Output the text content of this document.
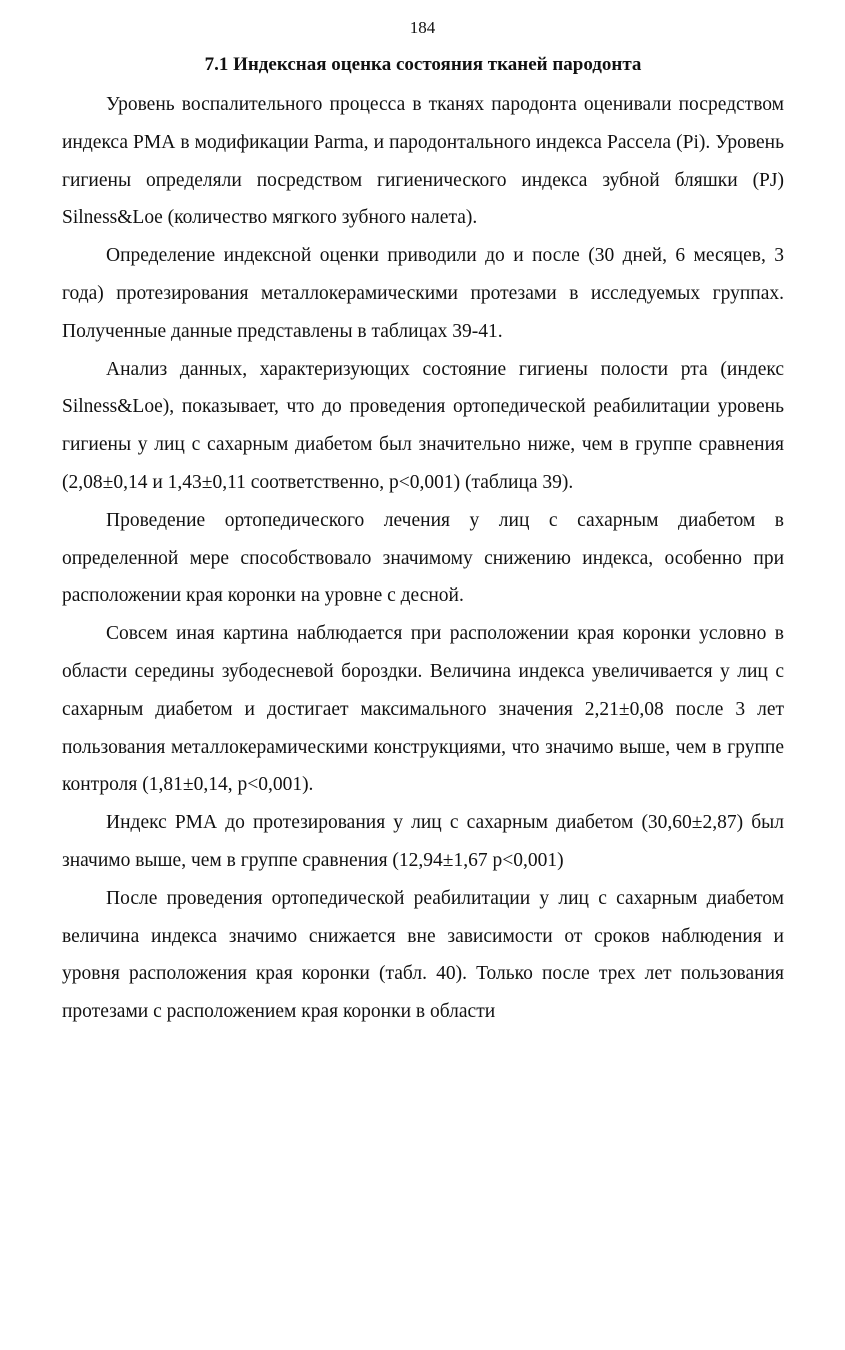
184
7.1 Индексная оценка состояния тканей пародонта

Уровень воспалительного процесса в тканях пародонта оценивали посредством индекса РМА в модификации Parma, и пародонтального индекса Рассела (Pi). Уровень гигиены определяли посредством гигиенического индекса зубной бляшки (PJ) Silness&Loe (количество мягкого зубного налета).

Определение индексной оценки приводили до и после (30 дней, 6 месяцев, 3 года) протезирования металлокерамическими протезами в исследуемых группах. Полученные данные представлены в таблицах 39-41.

Анализ данных, характеризующих состояние гигиены полости рта (индекс Silness&Loe), показывает, что до проведения ортопедической реабилитации уровень гигиены у лиц с сахарным диабетом был значительно ниже, чем в группе сравнения (2,08±0,14 и 1,43±0,11 соответственно, р<0,001) (таблица 39).

Проведение ортопедического лечения у лиц с сахарным диабетом в определенной мере способствовало значимому снижению индекса, особенно при расположении края коронки на уровне с десной.

Совсем иная картина наблюдается при расположении края коронки условно в области середины зубодесневой бороздки. Величина индекса увеличивается у лиц с сахарным диабетом и достигает максимального значения 2,21±0,08 после 3 лет пользования металлокерамическими конструкциями, что значимо выше, чем в группе контроля (1,81±0,14, р<0,001).

Индекс РМА до протезирования у лиц с сахарным диабетом (30,60±2,87) был значимо выше, чем в группе сравнения (12,94±1,67 р<0,001)

После проведения ортопедической реабилитации у лиц с сахарным диабетом величина индекса значимо снижается вне зависимости от сроков наблюдения и уровня расположения края коронки (табл. 40). Только после трех лет пользования протезами с расположением края коронки в области
